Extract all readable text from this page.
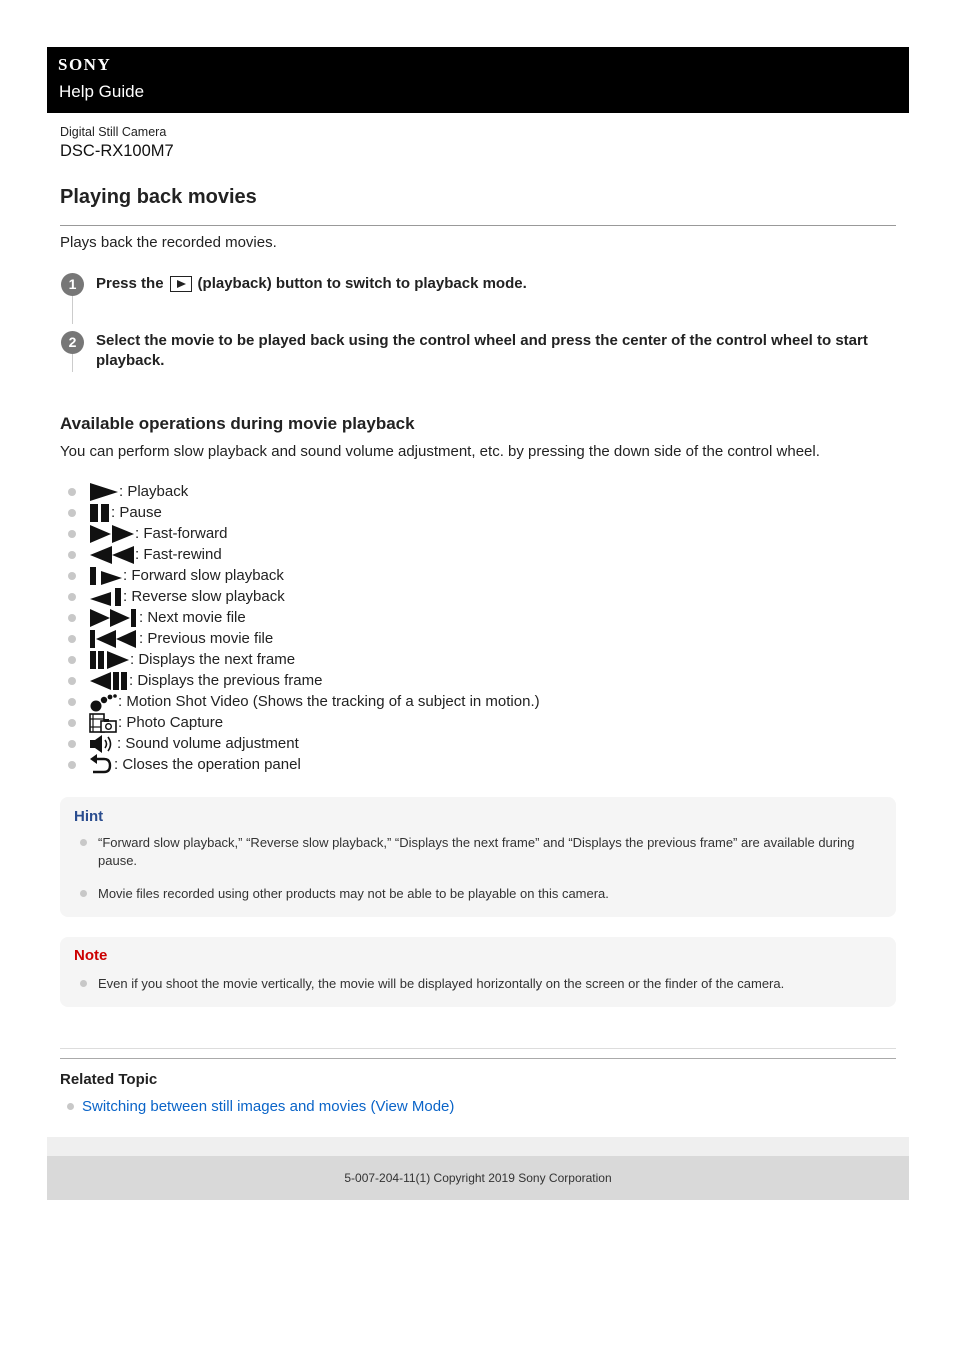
SONY
Help Guide
Digital Still Camera
DSC-RX100M7
Playing back movies
Plays back the recorded movies.
1	Press the (playback) button to switch to playback mode.
2	Select the movie to be played back using the control wheel and press the center of the control wheel to start playback.
Available operations during movie playback
You can perform slow playback and sound volume adjustment, etc. by pressing the down side of the control wheel.
: Playback
: Pause
: Fast-forward
: Fast-rewind
: Forward slow playback
: Reverse slow playback
: Next movie file
: Previous movie file
: Displays the next frame
: Displays the previous frame
: Motion Shot Video (Shows the tracking of a subject in motion.)
: Photo Capture
: Sound volume adjustment
: Closes the operation panel
Hint
“Forward slow playback,” “Reverse slow playback,” “Displays the next frame” and “Displays the previous frame” are available during pause.
Movie files recorded using other products may not be able to be playable on this camera.
Note
Even if you shoot the movie vertically, the movie will be displayed horizontally on the screen or the finder of the camera.
Related Topic
Switching between still images and movies (View Mode)
5-007-204-11(1) Copyright 2019 Sony Corporation
